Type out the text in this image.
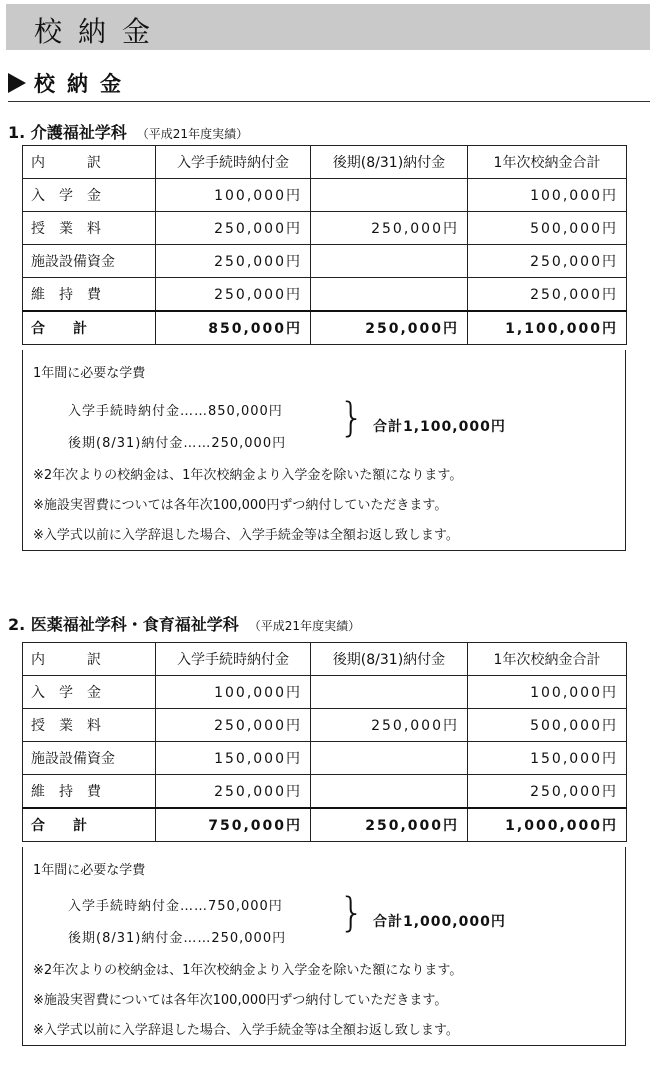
校納金
校納金
1. 介護福祉学科 （平成21年度実績）
内　　　訳	入学手続時納付金	後期(8/31)納付金	1年次校納金合計
入　学　金	100,000円		100,000円
授　業　料	250,000円	250,000円	500,000円
施設設備資金	250,000円		250,000円
維　持　費	250,000円		250,000円
合　　計	850,000円	250,000円	1,100,000円
1年間に必要な学費
入学手続時納付金……850,000円
後期(8/31)納付金……250,000円
} 合計1,100,000円
※2年次よりの校納金は、1年次校納金より入学金を除いた額になります。
※施設実習費については各年次100,000円ずつ納付していただきます。
※入学式以前に入学辞退した場合、入学手続金等は全額お返し致します。
2. 医薬福祉学科・食育福祉学科 （平成21年度実績）
内　　　訳	入学手続時納付金	後期(8/31)納付金	1年次校納金合計
入　学　金	100,000円		100,000円
授　業　料	250,000円	250,000円	500,000円
施設設備資金	150,000円		150,000円
維　持　費	250,000円		250,000円
合　　計	750,000円	250,000円	1,000,000円
1年間に必要な学費
入学手続時納付金……750,000円
後期(8/31)納付金……250,000円
} 合計1,000,000円
※2年次よりの校納金は、1年次校納金より入学金を除いた額になります。
※施設実習費については各年次100,000円ずつ納付していただきます。
※入学式以前に入学辞退した場合、入学手続金等は全額お返し致します。
